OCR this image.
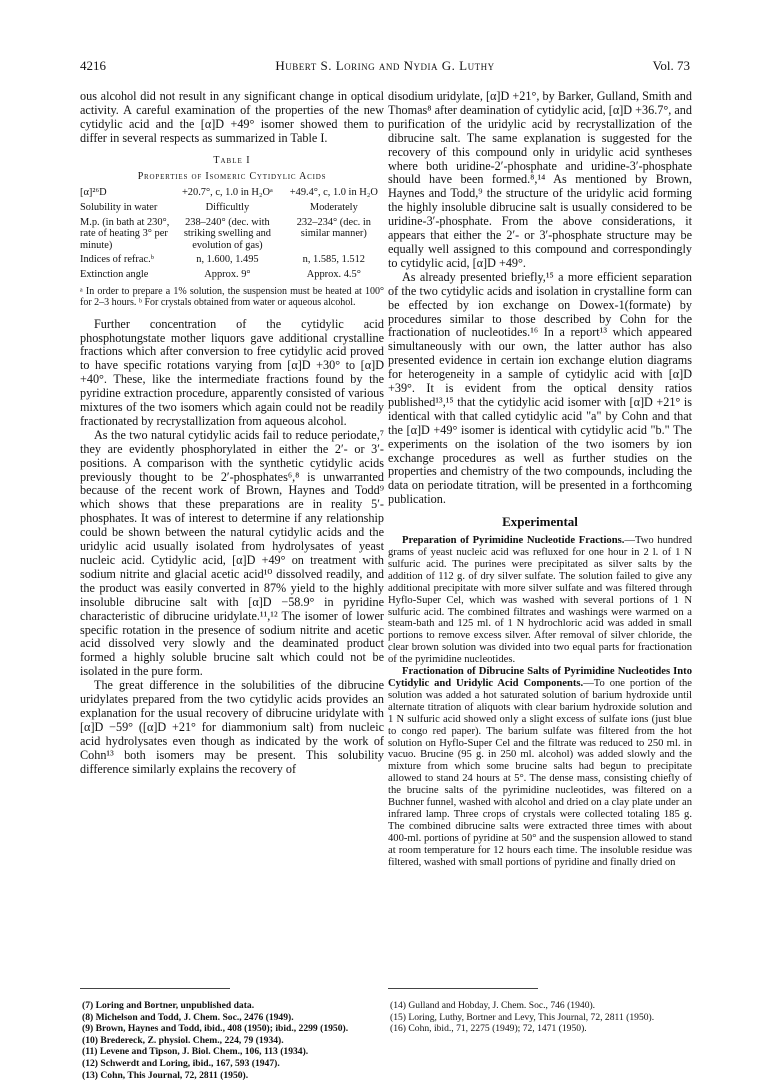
4216	Hubert S. Loring and Nydia G. Luthy	Vol. 73

ous alcohol did not result in any significant change in optical activity. A careful examination of the properties of the new cytidylic acid and the [α]D +49° isomer showed them to differ in several respects as summarized in Table I.

Table I
Properties of Isomeric Cytidylic Acids
[α]²⁶D	+20.7°, c, 1.0 in H₂Oᵃ	+49.4°, c, 1.0 in H₂O
Solubility in water	Difficultly	Moderately
M.p. (in bath at 230°, rate of heating 3° per minute)	238–240° (dec. with striking swelling and evolution of gas)	232–234° (dec. in similar manner)
Indices of refrac.ᵇ	n, 1.600, 1.495	n, 1.585, 1.512
Extinction angle	Approx. 9°	Approx. 4.5°
ᵃ In order to prepare a 1% solution, the suspension must be heated at 100° for 2–3 hours. ᵇ For crystals obtained from water or aqueous alcohol.

Further concentration of the cytidylic acid phosphotungstate mother liquors gave additional crystalline fractions which after conversion to free cytidylic acid proved to have specific rotations varying from [α]D +30° to [α]D +40°. These, like the intermediate fractions found by the pyridine extraction procedure, apparently consisted of various mixtures of the two isomers which again could not be readily fractionated by recrystallization from aqueous alcohol.

As the two natural cytidylic acids fail to reduce periodate,⁷ they are evidently phosphorylated in either the 2′- or 3′-positions. A comparison with the synthetic cytidylic acids previously thought to be 2′-phosphates⁶,⁸ is unwarranted because of the recent work of Brown, Haynes and Todd⁹ which shows that these preparations are in reality 5′-phosphates. It was of interest to determine if any relationship could be shown between the natural cytidylic acids and the uridylic acid usually isolated from hydrolysates of yeast nucleic acid. Cytidylic acid, [α]D +49° on treatment with sodium nitrite and glacial acetic acid¹⁰ dissolved readily, and the product was easily converted in 87% yield to the highly insoluble dibrucine salt with [α]D −58.9° in pyridine characteristic of dibrucine uridylate.¹¹,¹² The isomer of lower specific rotation in the presence of sodium nitrite and acetic acid dissolved very slowly and the deaminated product formed a highly soluble brucine salt which could not be isolated in the pure form.

The great difference in the solubilities of the dibrucine uridylates prepared from the two cytidylic acids provides an explanation for the usual recovery of dibrucine uridylate with [α]D −59° ([α]D +21° for diammonium salt) from nucleic acid hydrolysates even though as indicated by the work of Cohn¹³ both isomers may be present. This solubility difference similarly explains the recovery of

disodium uridylate, [α]D +21°, by Barker, Gulland, Smith and Thomas⁸ after deamination of cytidylic acid, [α]D +36.7°, and purification of the uridylic acid by recrystallization of the dibrucine salt. The same explanation is suggested for the recovery of this compound only in uridylic acid syntheses where both uridine-2′-phosphate and uridine-3′-phosphate should have been formed.⁸,¹⁴ As mentioned by Brown, Haynes and Todd,⁹ the structure of the uridylic acid forming the highly insoluble dibrucine salt is usually considered to be uridine-3′-phosphate. From the above considerations, it appears that either the 2′- or 3′-phosphate structure may be equally well assigned to this compound and correspondingly to cytidylic acid, [α]D +49°.

As already presented briefly,¹⁵ a more efficient separation of the two cytidylic acids and isolation in crystalline form can be effected by ion exchange on Dowex-1(formate) by procedures similar to those described by Cohn for the fractionation of nucleotides.¹⁶ In a report¹³ which appeared simultaneously with our own, the latter author has also presented evidence in certain ion exchange elution diagrams for heterogeneity in a sample of cytidylic acid with [α]D +39°. It is evident from the optical density ratios published¹³,¹⁵ that the cytidylic acid isomer with [α]D +21° is identical with that called cytidylic acid "a" by Cohn and that the [α]D +49° isomer is identical with cytidylic acid "b." The experiments on the isolation of the two isomers by ion exchange procedures as well as further studies on the properties and chemistry of the two compounds, including the data on periodate titration, will be presented in a forthcoming publication.

Experimental

Preparation of Pyrimidine Nucleotide Fractions.—Two hundred grams of yeast nucleic acid was refluxed for one hour in 2 l. of 1 N sulfuric acid. The purines were precipitated as silver salts by the addition of 112 g. of dry silver sulfate. The solution failed to give any additional precipitate with more silver sulfate and was filtered through Hyflo-Super Cel, which was washed with several portions of 1 N sulfuric acid. The combined filtrates and washings were warmed on a steam-bath and 125 ml. of 1 N hydrochloric acid was added in small portions to remove excess silver. After removal of silver chloride, the clear brown solution was divided into two equal parts for fractionation of the pyrimidine nucleotides.

Fractionation of Dibrucine Salts of Pyrimidine Nucleotides Into Cytidylic and Uridylic Acid Components.—To one portion of the solution was added a hot saturated solution of barium hydroxide until alternate titration of aliquots with clear barium hydroxide solution and 1 N sulfuric acid showed only a slight excess of sulfate ions (just blue to congo red paper). The barium sulfate was filtered from the hot solution on Hyflo-Super Cel and the filtrate was reduced to 250 ml. in vacuo. Brucine (95 g. in 250 ml. alcohol) was added slowly and the mixture from which some brucine salts had begun to precipitate allowed to stand 24 hours at 5°. The dense mass, consisting chiefly of the brucine salts of the pyrimidine nucleotides, was filtered on a Buchner funnel, washed with alcohol and dried on a clay plate under an infrared lamp. Three crops of crystals were collected totaling 185 g. The combined dibrucine salts were extracted three times with about 400-ml. portions of pyridine at 50° and the suspension allowed to stand at room temperature for 12 hours each time. The insoluble residue was filtered, washed with small portions of pyridine and finally dried on

(7) Loring and Bortner, unpublished data.
(8) Michelson and Todd, J. Chem. Soc., 2476 (1949).
(9) Brown, Haynes and Todd, ibid., 408 (1950); ibid., 2299 (1950).
(10) Bredereck, Z. physiol. Chem., 224, 79 (1934).
(11) Levene and Tipson, J. Biol. Chem., 106, 113 (1934).
(12) Schwerdt and Loring, ibid., 167, 593 (1947).
(13) Cohn, This Journal, 72, 2811 (1950).
(14) Gulland and Hobday, J. Chem. Soc., 746 (1940).
(15) Loring, Luthy, Bortner and Levy, This Journal, 72, 2811 (1950).
(16) Cohn, ibid., 71, 2275 (1949); 72, 1471 (1950).
